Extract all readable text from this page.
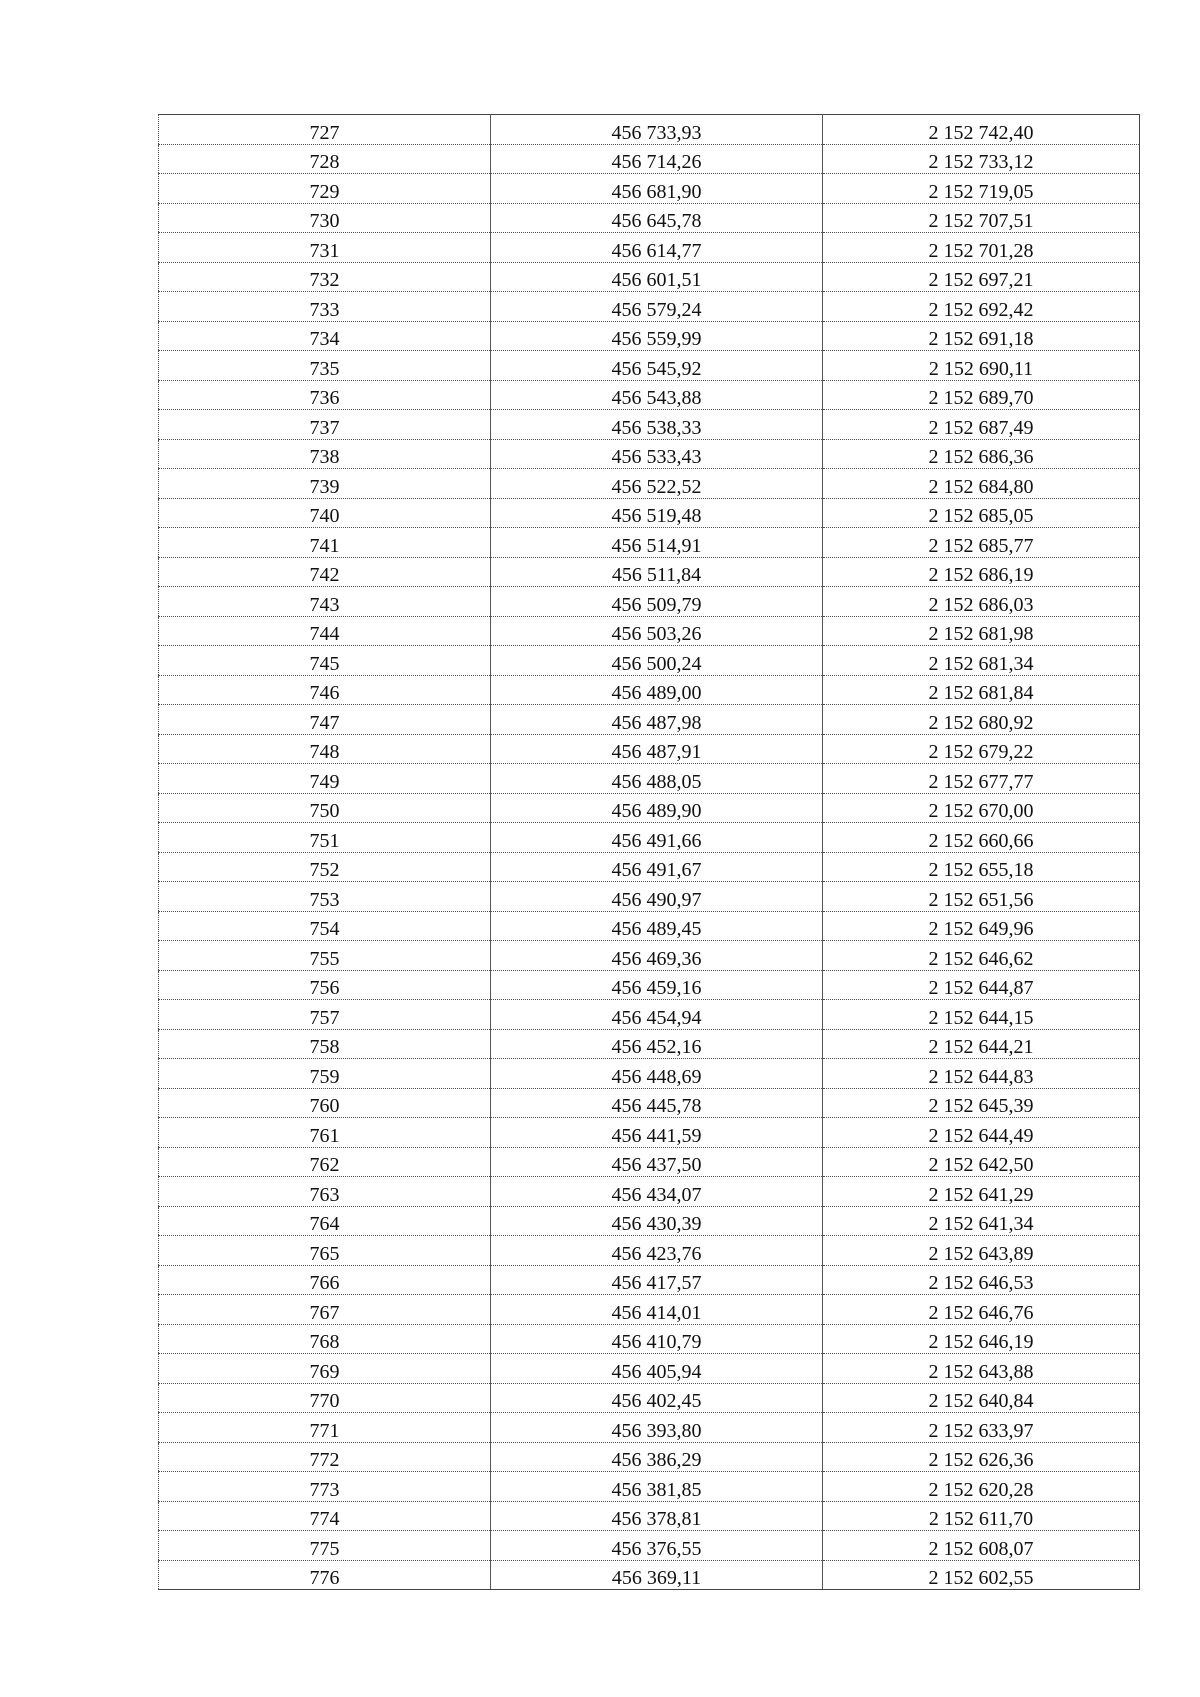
727	456 733,93	2 152 742,40
728	456 714,26	2 152 733,12
729	456 681,90	2 152 719,05
730	456 645,78	2 152 707,51
731	456 614,77	2 152 701,28
732	456 601,51	2 152 697,21
733	456 579,24	2 152 692,42
734	456 559,99	2 152 691,18
735	456 545,92	2 152 690,11
736	456 543,88	2 152 689,70
737	456 538,33	2 152 687,49
738	456 533,43	2 152 686,36
739	456 522,52	2 152 684,80
740	456 519,48	2 152 685,05
741	456 514,91	2 152 685,77
742	456 511,84	2 152 686,19
743	456 509,79	2 152 686,03
744	456 503,26	2 152 681,98
745	456 500,24	2 152 681,34
746	456 489,00	2 152 681,84
747	456 487,98	2 152 680,92
748	456 487,91	2 152 679,22
749	456 488,05	2 152 677,77
750	456 489,90	2 152 670,00
751	456 491,66	2 152 660,66
752	456 491,67	2 152 655,18
753	456 490,97	2 152 651,56
754	456 489,45	2 152 649,96
755	456 469,36	2 152 646,62
756	456 459,16	2 152 644,87
757	456 454,94	2 152 644,15
758	456 452,16	2 152 644,21
759	456 448,69	2 152 644,83
760	456 445,78	2 152 645,39
761	456 441,59	2 152 644,49
762	456 437,50	2 152 642,50
763	456 434,07	2 152 641,29
764	456 430,39	2 152 641,34
765	456 423,76	2 152 643,89
766	456 417,57	2 152 646,53
767	456 414,01	2 152 646,76
768	456 410,79	2 152 646,19
769	456 405,94	2 152 643,88
770	456 402,45	2 152 640,84
771	456 393,80	2 152 633,97
772	456 386,29	2 152 626,36
773	456 381,85	2 152 620,28
774	456 378,81	2 152 611,70
775	456 376,55	2 152 608,07
776	456 369,11	2 152 602,55
